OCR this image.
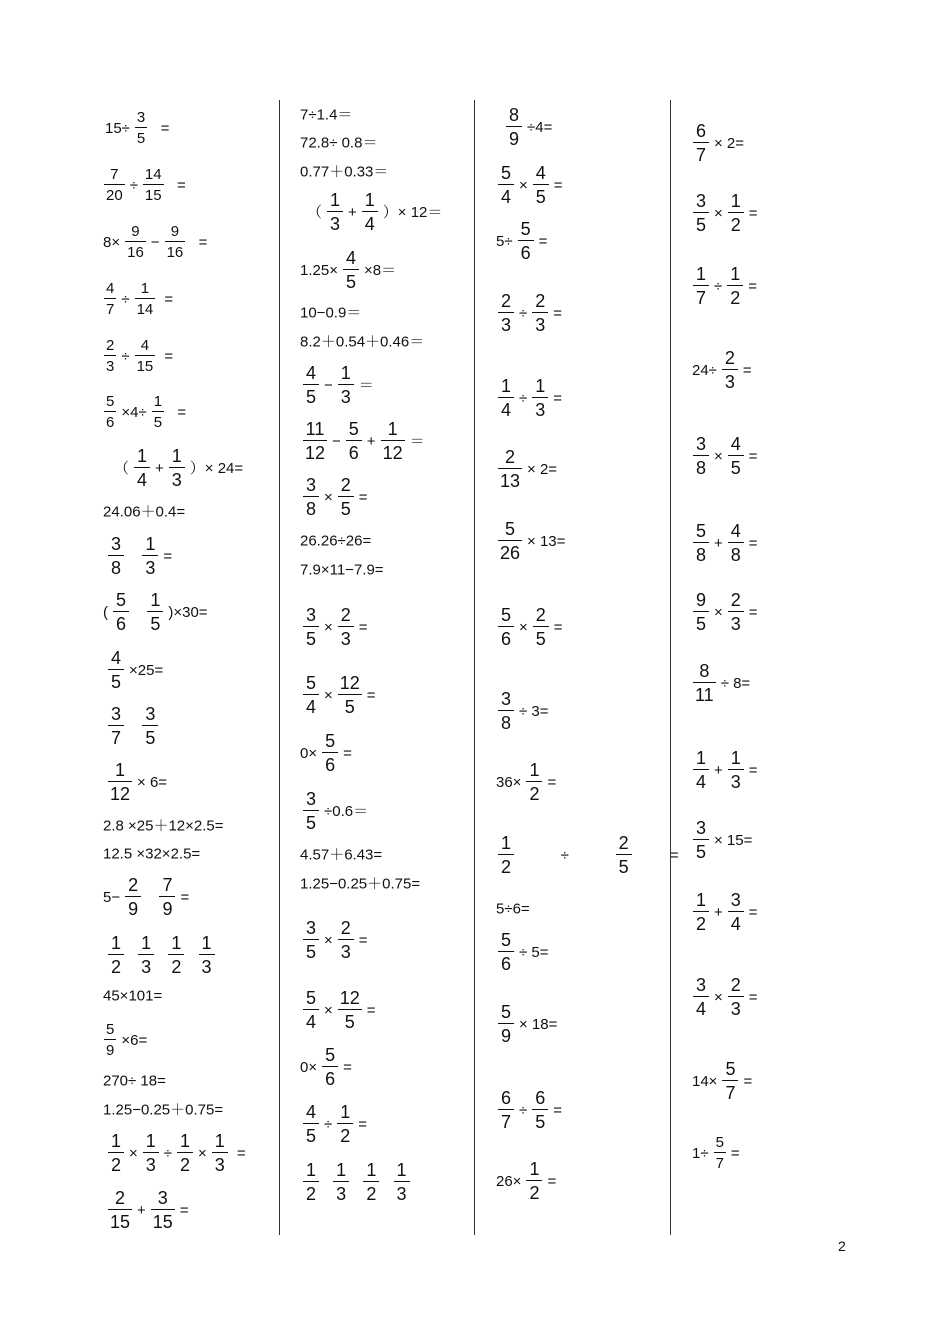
$15\div \frac{3}{5}$ =
$\frac{7}{20} \div \frac{14}{15}$ =
$8\times \frac{9}{16} - \frac{9}{16}$ =
$\frac{4}{7} \div \frac{1}{14}$ =
$\frac{2}{3} \div \frac{4}{15}$ =
$\frac{5}{6} \times 4\div \frac{1}{5}$ =
（ $\frac{1}{4} + \frac{1}{3}$ ）× 24=
24.06＋0.4=
$\frac{3}{8}$
$\frac{1}{3}$ =
( $\frac{5}{6}$
$\frac{1}{5} )\times 30=$
$\frac{4}{5} \times 25=$
$\frac{3}{7}$
$\frac{3}{5}$
$\frac{1}{12} \times 6=$
2.8 ×25＋12×2.5=
12.5 ×32×2.5=
$5- \frac{2}{9}$
$\frac{7}{9}$ =
$\frac{1}{2}$
$\frac{1}{3}$
$\frac{1}{2}$
$\frac{1}{3}$
45×101=
$\frac{5}{9} \times 6=$
270÷ 18=
1.25−0.25＋0.75=
$\frac{1}{2} \times \frac{1}{3} \div \frac{1}{2} \times \frac{1}{3}$ =
$\frac{2}{15} + \frac{3}{15}$ =
7÷1.4＝
72.8÷ 0.8＝
0.77＋0.33＝
（ $\frac{1}{3} + \frac{1}{4}$ ）× 12＝
$1.25\times \frac{4}{5} \times 8=$
10−0.9＝
8.2＋0.54＋0.46＝
$\frac{4}{5} - \frac{1}{3}$ ＝
$\frac{11}{12} - \frac{5}{6} + \frac{1}{12}$ ＝
$\frac{3}{8} \times \frac{2}{5}$ =
26.26÷26=
7.9×11−7.9=
$\frac{3}{5} \times \frac{2}{3}$ =
$\frac{5}{4} \times \frac{12}{5}$ =
$0\times \frac{5}{6}$ =
$\frac{3}{5} \div 0.6=$
4.57＋6.43=
1.25−0.25＋0.75=
$\frac{3}{5} \times \frac{2}{3}$ =
$\frac{5}{4} \times \frac{12}{5}$ =
$0\times \frac{5}{6}$ =
$\frac{4}{5} \div \frac{1}{2}$ =
$\frac{1}{2}$
$\frac{1}{3}$
$\frac{1}{2}$
$\frac{1}{3}$
$\frac{8}{9} \div 4=$
$\frac{5}{4} \times \frac{4}{5}$ =
$5\div \frac{5}{6}$ =
$\frac{2}{3} \div \frac{2}{3}$ =
$\frac{1}{4} \div \frac{1}{3}$ =
$\frac{2}{13} \times 2=$
$\frac{5}{26} \times 13=$
$\frac{5}{6} \times \frac{2}{5}$ =
$\frac{3}{8} \div 3=$
$36\times \frac{1}{2}$ =
$\frac{1}{2} \div \frac{2}{5}$ =
5÷6=
$\frac{5}{6} \div 5=$
$\frac{5}{9} \times 18=$
$\frac{6}{7} \div \frac{6}{5}$ =
$26\times \frac{1}{2}$ =
$\frac{6}{7} \times 2=$
$\frac{3}{5} \times \frac{1}{2}$ =
$\frac{1}{7} \div \frac{1}{2}$ =
$24\div \frac{2}{3}$ =
$\frac{3}{8} \times \frac{4}{5}$ =
$\frac{5}{8} + \frac{4}{8}$ =
$\frac{9}{5} \times \frac{2}{3}$ =
$\frac{8}{11} \div 8=$
$\frac{1}{4} + \frac{1}{3}$ =
$\frac{3}{5} \times 15=$
$\frac{1}{2} + \frac{3}{4}$ =
$\frac{3}{4} \times \frac{2}{3}$ =
$14\times \frac{5}{7}$ =
$1\div \frac{5}{7}$ =
2
